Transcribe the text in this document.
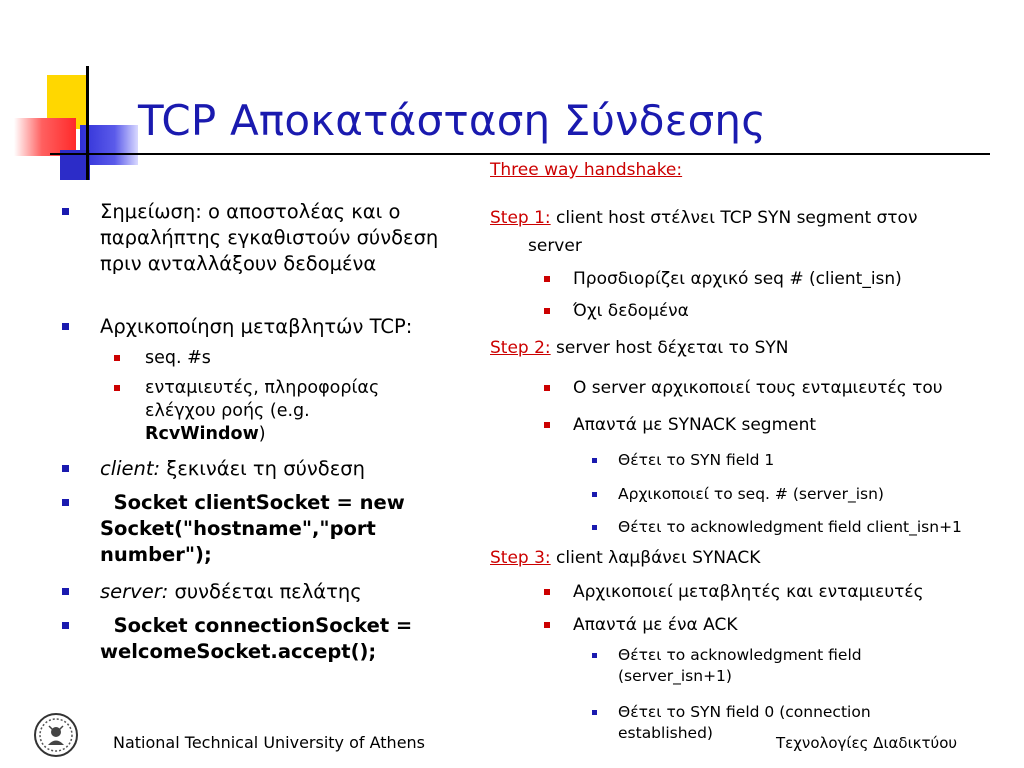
TCP Αποκατάσταση Σύνδεσης
Σημείωση: ο αποστολέας και ο παραλήπτης εγκαθιστούν σύνδεση πριν ανταλλάξουν δεδομένα
Αρχικοποίηση μεταβλητών TCP:
seq. #s
ενταμιευτές, πληροφορίας ελέγχου ροής (e.g. RcvWindow)
client: ξεκινάει τη σύνδεση
Socket clientSocket = new Socket("hostname","port number");
server: συνδέεται πελάτης
Socket connectionSocket = welcomeSocket.accept();
Three way handshake:
Step 1: client host στέλνει TCP SYN segment στον
server
Προσδιορίζει αρχικό seq # (client_isn)
Όχι δεδομένα
Step 2: server host δέχεται το SYN
O server αρχικοποιεί τους ενταμιευτές του
Απαντά με SYNACK segment
Θέτει το SYN field 1
Αρχικοποιεί το seq. # (server_isn)
Θέτει το acknowledgment field client_isn+1
Step 3: client λαμβάνει SYNACK
Αρχικοποιεί μεταβλητές και ενταμιευτές
Απαντά με ένα ACK
Θέτει το acknowledgment field (server_isn+1)
Θέτει το SYN field 0 (connection established)
National Technical University of Athens	Τεχνολογίες Διαδικτύου
